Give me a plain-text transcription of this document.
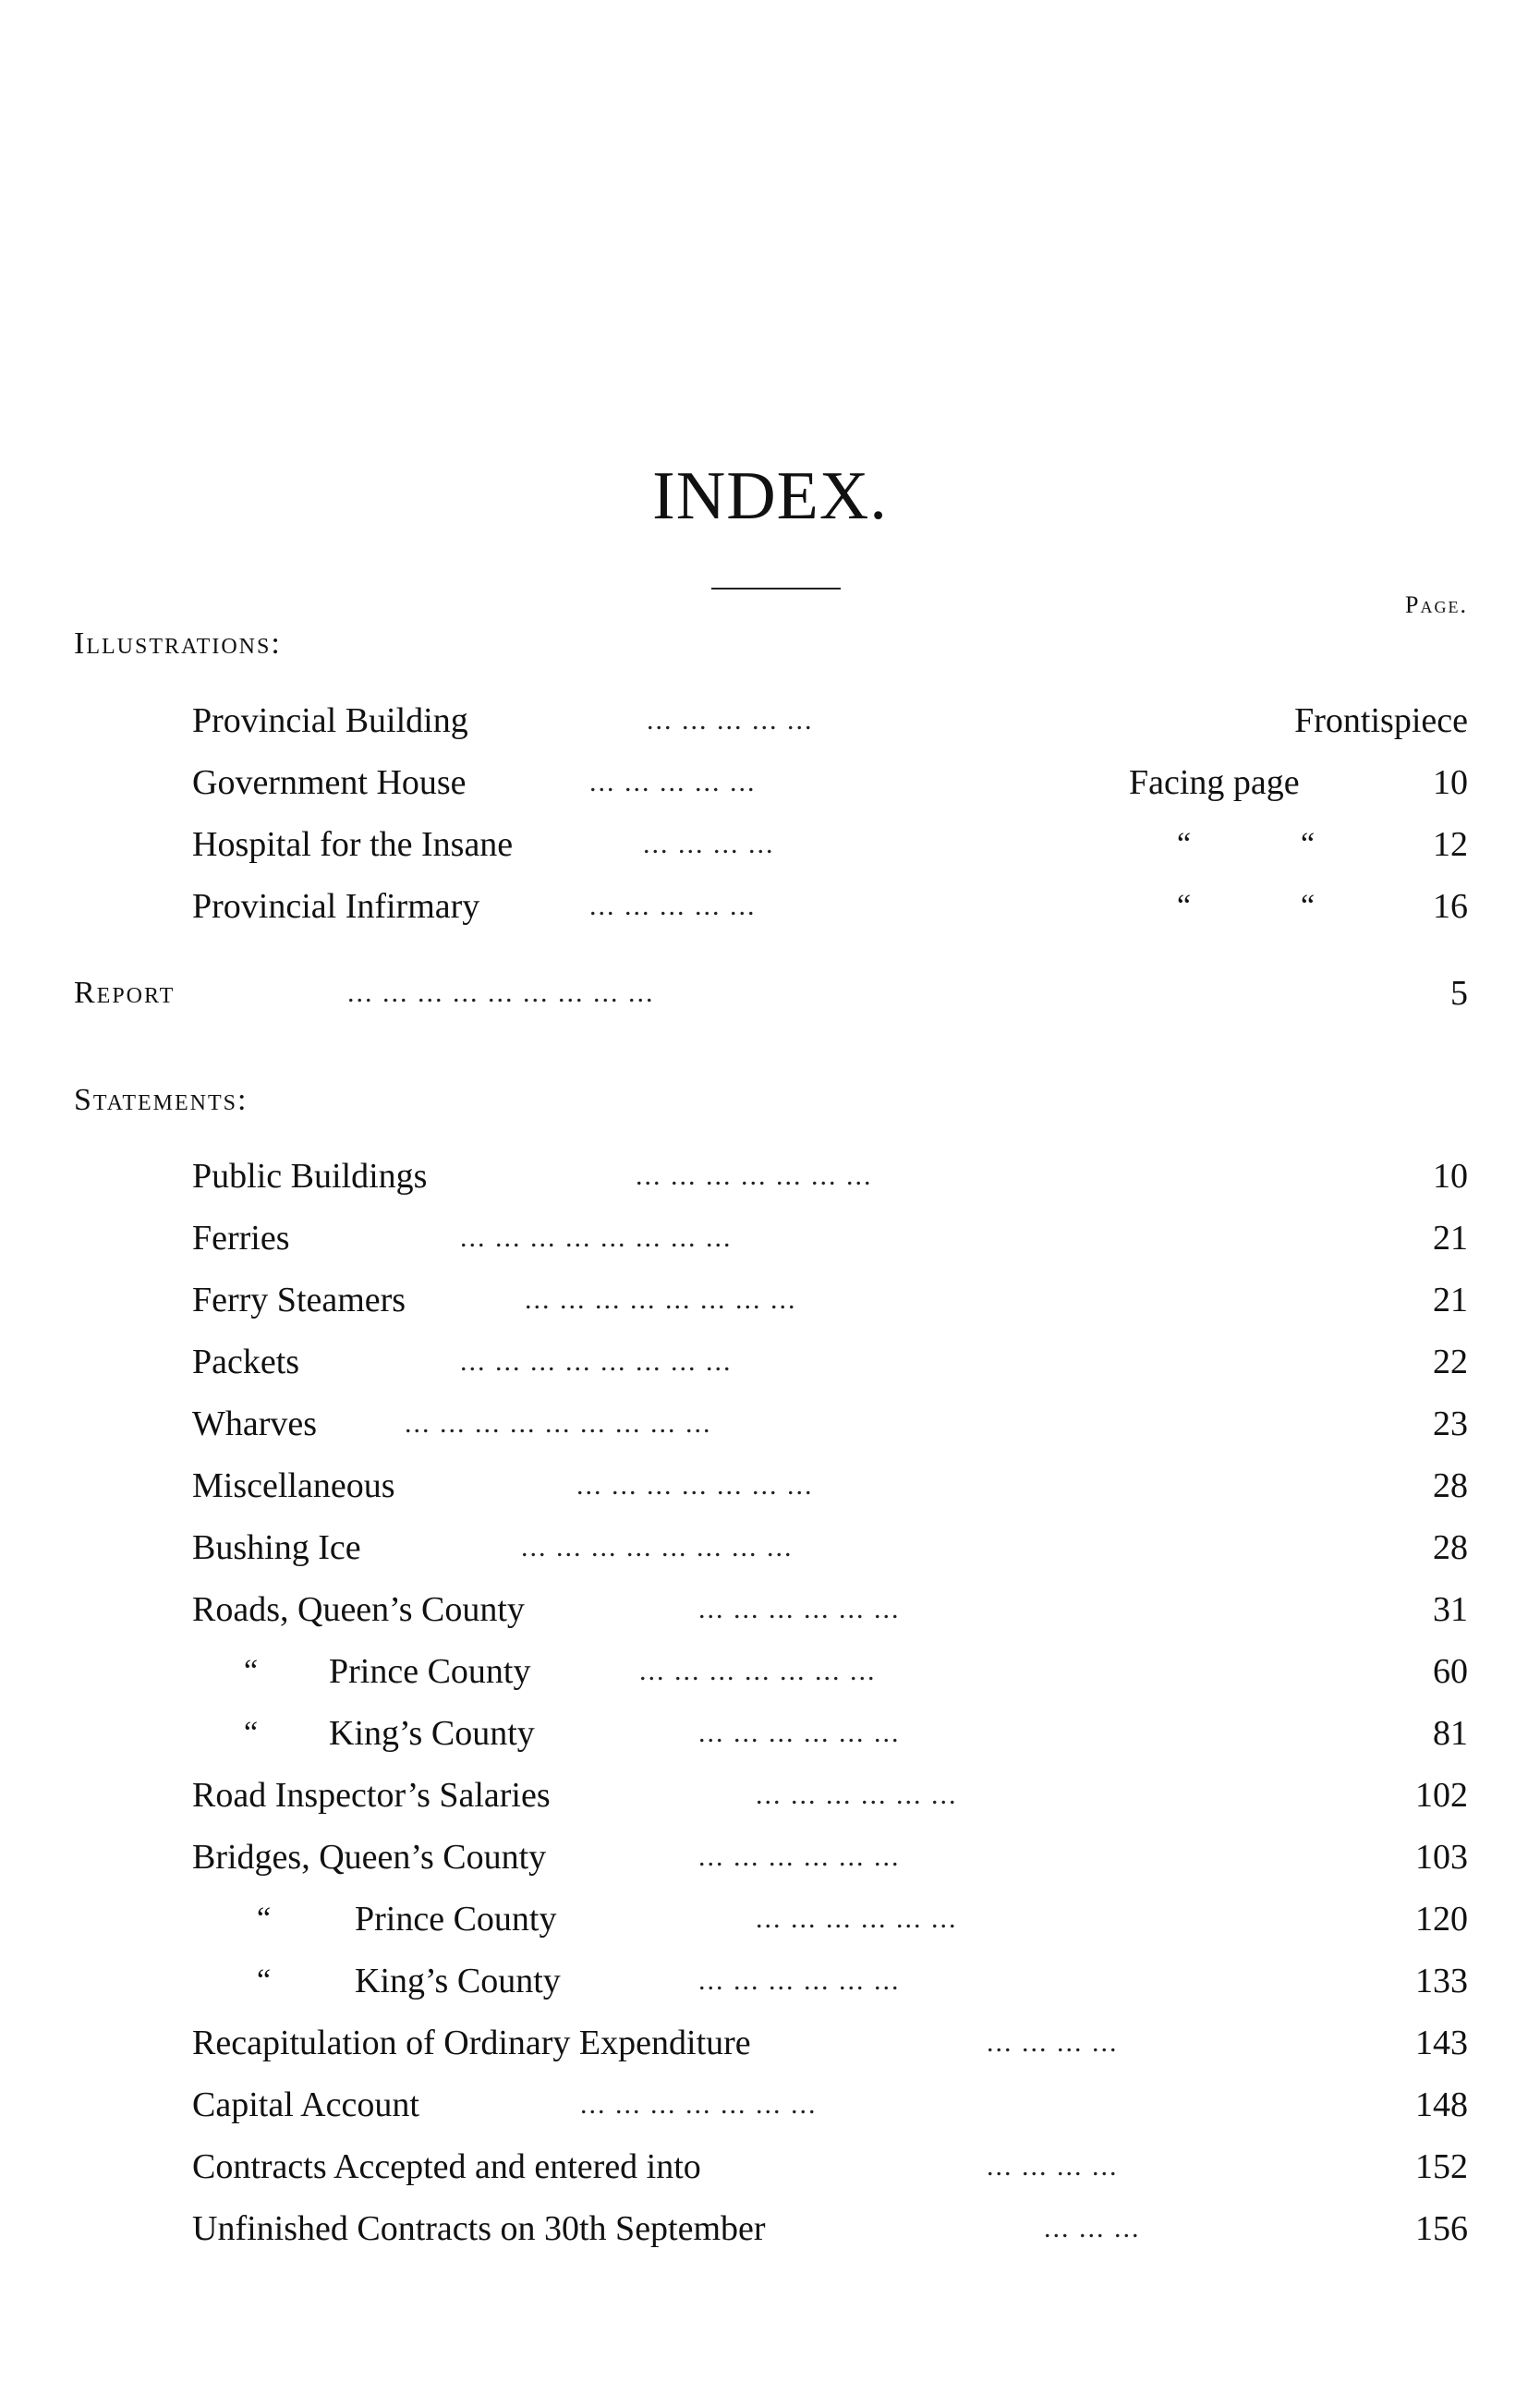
INDEX.
Page.
Illustrations:
Provincial Building	... ... ... ... ...	Frontispiece
Government House	... ... ... ... ...	Facing page	10
Hospital for the Insane	... ... ... ...	“	“	12
Provincial Infirmary	... ... ... ... ...	“	“	16
Report	... ... ... ... ... ... ... ... ...	5
Statements:
Public Buildings	... ... ... ... ... ... ...	10
Ferries	... ... ... ... ... ... ... ...	21
Ferry Steamers	... ... ... ... ... ... ... ...	21
Packets	... ... ... ... ... ... ... ...	22
Wharves	... ... ... ... ... ... ... ... ...	23
Miscellaneous	... ... ... ... ... ... ...	28
Bushing Ice	... ... ... ... ... ... ... ...	28
Roads, Queen’s County	... ... ... ... ... ...	31
“ Prince County	... ... ... ... ... ... ...	60
“ King’s County	... ... ... ... ... ...	81
Road Inspector’s Salaries	... ... ... ... ... ...	102
Bridges, Queen’s County	... ... ... ... ... ...	103
“ Prince County	... ... ... ... ... ...	120
“ King’s County	... ... ... ... ... ...	133
Recapitulation of Ordinary Expenditure	... ... ... ...	143
Capital Account	... ... ... ... ... ... ...	148
Contracts Accepted and entered into	... ... ... ...	152
Unfinished Contracts on 30th September	... ... ...	156
